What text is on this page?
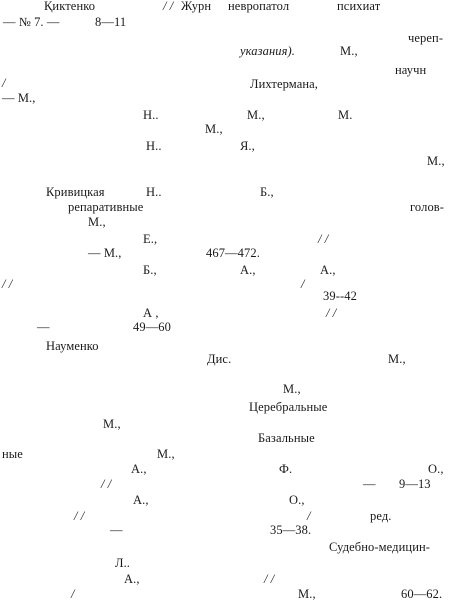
Қиктенко	/ / Журн невропатол	психиат
— № 7. —	8—11
череп-
указания).	М.,
научн
/	Лихтермана,
— М.,
Н..	М.,	М.
М.,
Н..	Я.,
М.,
Кривицкая	Н..	Б.,
репаративные	голов-
М.,
Е.,	/ /
— М.,	467—472.
Б.,	А.,	А.,
/ /	/
39--42
А ,	/ /
—	49—60
Науменко
Дис.	М.,
М.,
Церебральные
М.,
Базальные
ные	М.,
А.,	Ф.	О.,
/ /	— 9—13
А.,	О.,
/ /	/	ред.
—	35—38.
Судебно-медицин-
Л..
А.,	/ /
/	М.,	60—62.
